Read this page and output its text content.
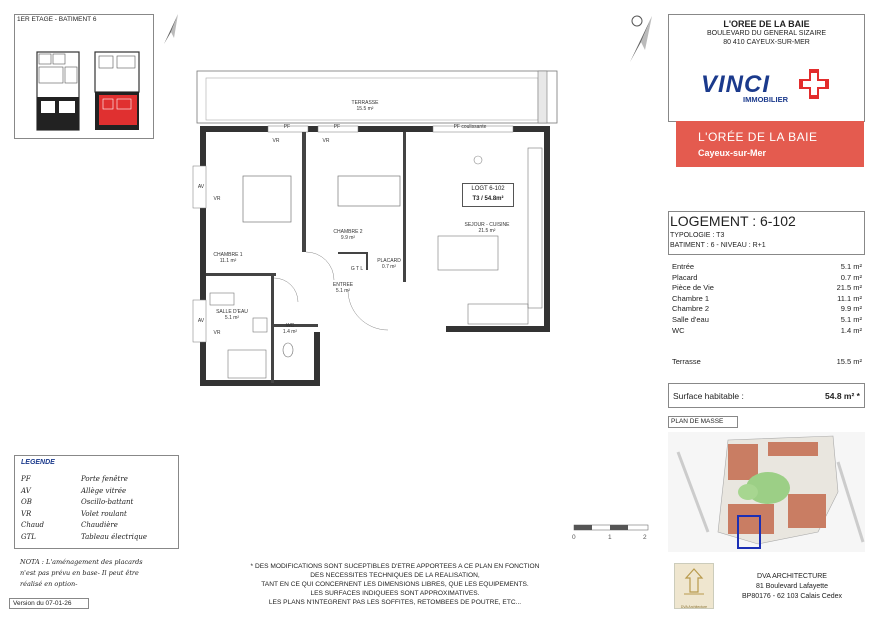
1ER ETAGE - BATIMENT 6
TERRASSE
15.5 m²
PF	PF	PF coulissante
VR	VR
AV
VR
AV
VR
LOGT 6-102
T3 / 54.8m²
CHAMBRE 1
11.1 m²
CHAMBRE 2
9.9 m²
SEJOUR - CUISINE
21.5 m²
PLACARD
0.7 m²
G T L
ENTREE
5.1 m²
SALLE D'EAU
5.1 m²
WC
1.4 m²
L'OREE DE LA BAIE
BOULEVARD DU GENERAL SIZAIRE
80 410 CAYEUX-SUR-MER
VINCI
IMMOBILIER
L'ORÉE DE LA BAIE
Cayeux-sur-Mer
LOGEMENT : 6-102
TYPOLOGIE : T3
BATIMENT : 6 - NIVEAU : R+1
Entrée	5.1 m²
Placard	0.7 m²
Pièce de Vie	21.5 m²
Chambre 1	11.1 m²
Chambre 2	9.9 m²
Salle d'eau	5.1 m²
WC	1.4 m²
Terrasse	15.5 m²
Surface habitable :	54.8 m² *
PLAN DE MASSE
LEGENDE
PF	Porte fenêtre
AV	Allège vitrée
OB	Oscillo-battant
VR	Volet roulant
Chaud	Chaudière
GTL	Tableau électrique
NOTA : L'aménagement des placards
n'est pas prévu en base- Il peut être
réalisé en option-
Version du 07-01-26
0	1	2
* DES MODIFICATIONS SONT SUCEPTIBLES D'ETRE APPORTEES A CE PLAN EN FONCTION
DES NECESSITES TECHNIQUES DE LA REALISATION,
TANT EN CE QUI CONCERNENT LES DIMENSIONS LIBRES, QUE LES EQUIPEMENTS.
LES SURFACES INDIQUEES SONT APPROXIMATIVES.
LES PLANS N'INTEGRENT PAS LES SOFFITES, RETOMBEES DE POUTRE, ETC...
DVA Architecture
DVA ARCHITECTURE
81 Boulevard Lafayette
BP80176 - 62 103 Calais Cedex
